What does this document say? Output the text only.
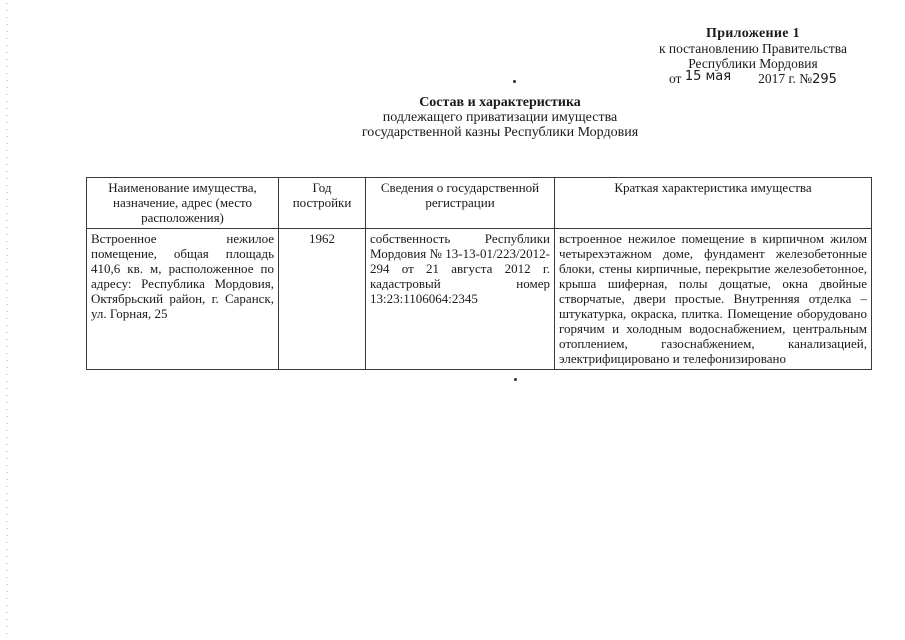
Приложение 1
к постановлению Правительства
Республики Мордовия
от 15 мая 2017 г. №295
Состав и характеристика
подлежащего приватизации имущества
государственной казны Республики Мордовия
Наименование имущества, назначение, адрес (место расположения)	Год постройки	Сведения о государственной регистрации	Краткая характеристика имущества
Встроенное нежилое помещение, общая площадь 410,6 кв. м, расположенное по адресу: Республика Мордовия, Октябрьский район, г. Саранск, ул. Горная, 25	1962	собственность Республики Мордовия № 13-13-01/223/2012-294 от 21 августа 2012 г. кадастровый номер 13:23:1106064:2345	встроенное нежилое помещение в кирпичном жилом четырехэтажном доме, фундамент железобетонные блоки, стены кирпичные, перекрытие железобетонное, крыша шиферная, полы дощатые, окна двойные створчатые, двери простые. Внутренняя отделка – штукатурка, окраска, плитка. Помещение оборудовано горячим и холодным водоснабжением, центральным отоплением, газоснабжением, канализацией, электрифицировано и телефонизировано
